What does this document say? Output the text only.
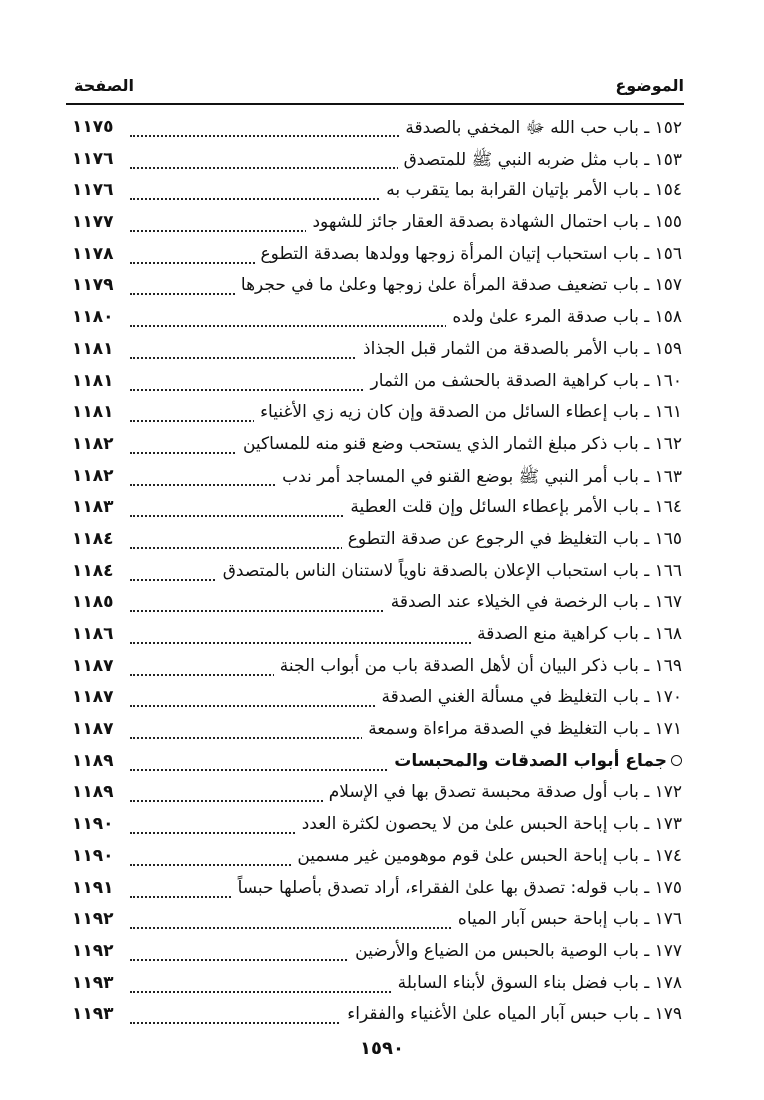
الموضوع
الصفحة
١٥٢ ـ باب حب الله ﷻ المخفي بالصدقة
١١٧٥
١٥٣ ـ باب مثل ضربه النبي ﷺ للمتصدق
١١٧٦
١٥٤ ـ باب الأمر بإتيان القرابة بما يتقرب به
١١٧٦
١٥٥ ـ باب احتمال الشهادة بصدقة العقار جائز للشهود
١١٧٧
١٥٦ ـ باب استحباب إتيان المرأة زوجها وولدها بصدقة التطوع
١١٧٨
١٥٧ ـ باب تضعيف صدقة المرأة علىٰ زوجها وعلىٰ ما في حجرها
١١٧٩
١٥٨ ـ باب صدقة المرء علىٰ ولده
١١٨٠
١٥٩ ـ باب الأمر بالصدقة من الثمار قبل الجذاذ
١١٨١
١٦٠ ـ باب كراهية الصدقة بالحشف من الثمار
١١٨١
١٦١ ـ باب إعطاء السائل من الصدقة وإن كان زيه زي الأغنياء
١١٨١
١٦٢ ـ باب ذكر مبلغ الثمار الذي يستحب وضع قنو منه للمساكين
١١٨٢
١٦٣ ـ باب أمر النبي ﷺ بوضع القنو في المساجد أمر ندب
١١٨٢
١٦٤ ـ باب الأمر بإعطاء السائل وإن قلت العطية
١١٨٣
١٦٥ ـ باب التغليظ في الرجوع عن صدقة التطوع
١١٨٤
١٦٦ ـ باب استحباب الإعلان بالصدقة ناوياً لاستنان الناس بالمتصدق
١١٨٤
١٦٧ ـ باب الرخصة في الخيلاء عند الصدقة
١١٨٥
١٦٨ ـ باب كراهية منع الصدقة
١١٨٦
١٦٩ ـ باب ذكر البيان أن لأهل الصدقة باب من أبواب الجنة
١١٨٧
١٧٠ ـ باب التغليظ في مسألة الغني الصدقة
١١٨٧
١٧١ ـ باب التغليظ في الصدقة مراءاة وسمعة
١١٨٧
جماع أبواب الصدقات والمحبسات
١١٨٩
١٧٢ ـ باب أول صدقة محبسة تصدق بها في الإسلام
١١٨٩
١٧٣ ـ باب إباحة الحبس علىٰ من لا يحصون لكثرة العدد
١١٩٠
١٧٤ ـ باب إباحة الحبس علىٰ قوم موهومين غير مسمين
١١٩٠
١٧٥ ـ باب قوله: تصدق بها علىٰ الفقراء، أراد تصدق بأصلها حبساً
١١٩١
١٧٦ ـ باب إباحة حبس آبار المياه
١١٩٢
١٧٧ ـ باب الوصية بالحبس من الضياع والأرضين
١١٩٢
١٧٨ ـ باب فضل بناء السوق لأبناء السابلة
١١٩٣
١٧٩ ـ باب حبس آبار المياه علىٰ الأغنياء والفقراء
١١٩٣
١٥٩٠
